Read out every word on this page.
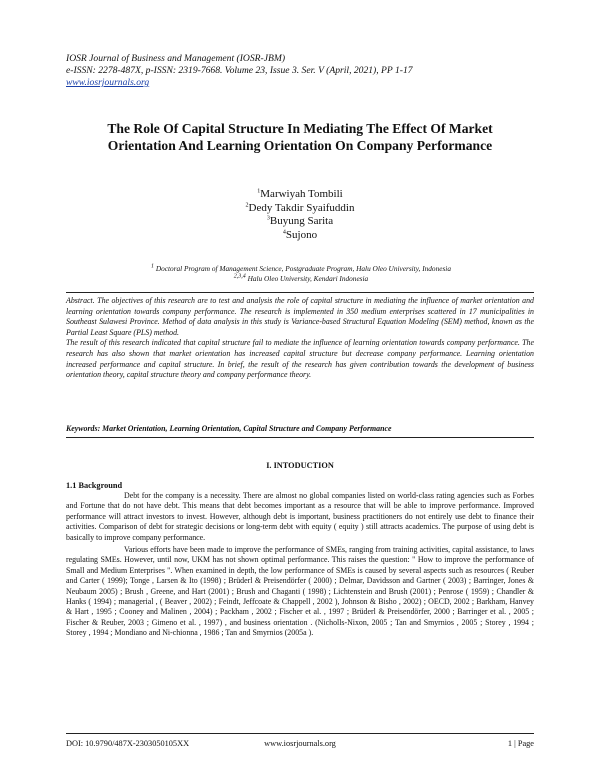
IOSR Journal of Business and Management (IOSR-JBM)
e-ISSN: 2278-487X, p-ISSN: 2319-7668. Volume 23, Issue 3. Ser. V (April, 2021), PP 1-17
www.iosrjournals.org
The Role Of Capital Structure In Mediating The Effect Of Market Orientation And Learning Orientation On Company Performance
$^1$Marwiyah Tombili
$^2$Dedy Takdir Syaifuddin
$^3$Buyung Sarita
$^4$Sujono
$^1$ Doctoral Program of Management Science, Postgraduate Program, Halu Oleo University, Indonesia
$^{2,3,4}$ Halu Oleo University, Kendari Indonesia

Abstract. The objectives of this research are to test and analysis the role of capital structure in mediating the influence of market orientation and learning orientation towards company performance. The research is implemented in 350 medium enterprises scattered in 17 municipalities in Southeast Sulawesi Province. Method of data analysis in this study is Variance-based Structural Equation Modeling (SEM) method, known as the Partial Least Square (PLS) method.

The result of this research indicated that capital structure fail to mediate the influence of learning orientation towards company performance. The research has also shown that market orientation has increased capital structure but decrease company performance. Learning orientation increased performance and capital structure. In brief, the result of the research has given contribution towards the development of business orientation theory, capital structure theory and company performance theory.

Keywords: Market Orientation, Learning Orientation, Capital Structure and Company Performance
I. INTODUCTION
1.1 Background

Debt for the company is a necessity. There are almost no global companies listed on world-class rating agencies such as Forbes and Fortune that do not have debt. This means that debt becomes important as a resource that will be able to improve performance. Improved performance will attract investors to invest. However, although debt is important, business practitioners do not entirely use debt to finance their activities. Comparison of debt for strategic decisions or long-term debt with equity ( equity ) still attracts academics. The purpose of using debt is basically to improve company performance.

Various efforts have been made to improve the performance of SMEs, ranging from training activities, capital assistance, to laws regulating SMEs. However, until now, UKM has not shown optimal performance. This raises the question: " How to improve the performance of Small and Medium Enterprises ". When examined in depth, the low performance of SMEs is caused by several aspects such as resources ( Reuber and Carter ( 1999); Tonge , Larsen & Ito (1998) ; Brüderl & Preisendörfer ( 2000) ; Delmar, Davidsson and Gartner ( 2003) ; Barringer, Jones & Neubaum 2005) ; Brush , Greene, and Hart (2001) ; Brush and Chaganti ( 1998) ; Lichtenstein and Brush (2001) ; Penrose ( 1959) ; Chandler & Hanks ( 1994) ; managerial , ( Beaver , 2002) ; Feindt, Jeffcoate & Chappell , 2002 ), Johnson & Bisho , 2002) ; OECD, 2002 ; Barkham, Hanvey & Hart , 1995 ; Cooney and Malinen , 2004) ; Packham , 2002 ; Fischer et al. , 1997 ; Brüderl & Preisendörfer, 2000 ; Barringer et al. , 2005 ; Fischer & Reuber, 2003 ; Gimeno et al. , 1997) , and business orientation . (Nicholls-Nixon, 2005 ; Tan and Smyrnios , 2005 ; Storey , 1994 ; Storey , 1994 ; Mondiano and Ni-chionna , 1986 ; Tan and Smyrnios (2005a ).

DOI: 10.9790/487X-2303050105XX	www.iosrjournals.org	1 | Page
